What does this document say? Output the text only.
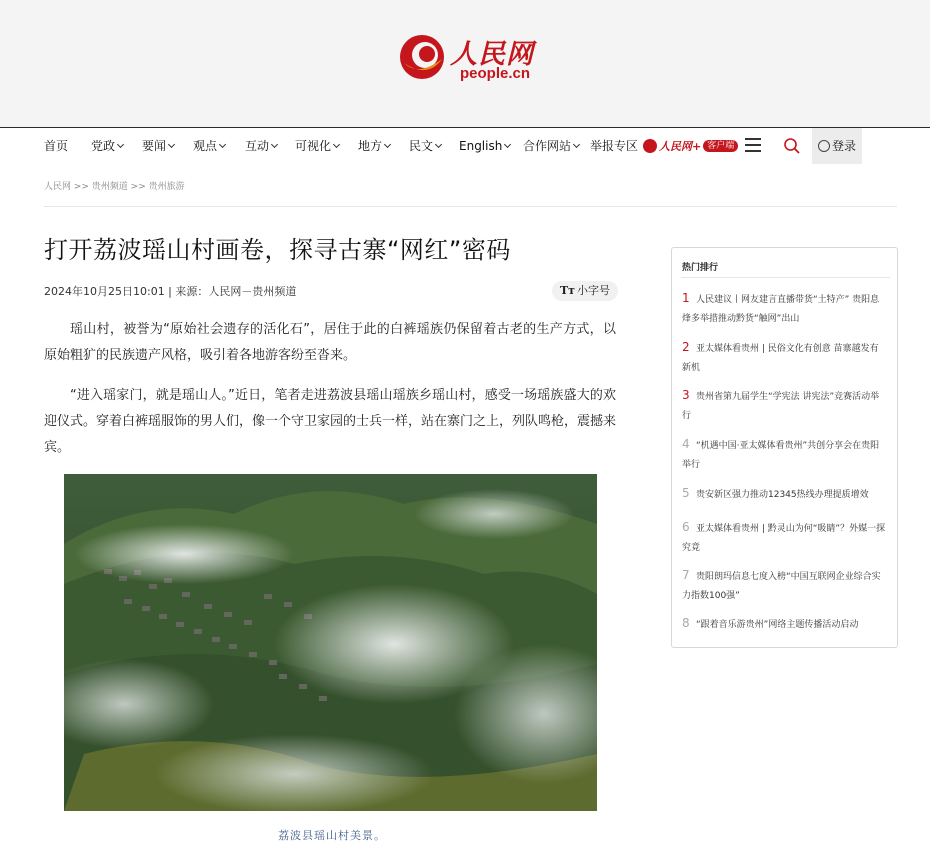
人民网
people.cn
首页 党政	要闻	观点	互动	可视化	地方	民文	English	合作网站	举报专区 人民网+ 客户端	登录
人民网 >> 贵州频道 >> 贵州旅游
打开荔波瑶山村画卷，探寻古寨“网红”密码
2024年10月25日10:01 | 来源：人民网－贵州频道	Tт 小字号

瑶山村，被誉为“原始社会遗存的活化石”，居住于此的白裤瑶族仍保留着古老的生产方式，以原始粗犷的民族遗产风格，吸引着各地游客纷至沓来。

“进入瑶家门，就是瑶山人。”近日，笔者走进荔波县瑶山瑶族乡瑶山村，感受一场瑶族盛大的欢迎仪式。穿着白裤瑶服饰的男人们，像一个守卫家园的士兵一样，站在寨门之上，列队鸣枪，震撼来宾。

荔波县瑶山村美景。
热门排行
1 人民建议丨网友建言直播带货“土特产” 贵阳息烽多举措推动黔货“触网”出山
2 亚太媒体看贵州 | 民俗文化有创意 苗寨越发有新机
3 贵州省第九届学生“学宪法 讲宪法”竞赛活动举行
4 “机遇中国·亚太媒体看贵州”共创分享会在贵阳举行
5 贵安新区强力推动12345热线办理提质增效
6 亚太媒体看贵州 | 黔灵山为何“吸睛”？外媒一探究竟
7 贵阳朗玛信息七度入榜“中国互联网企业综合实力指数100强”
8 “跟着音乐游贵州”网络主题传播活动启动
